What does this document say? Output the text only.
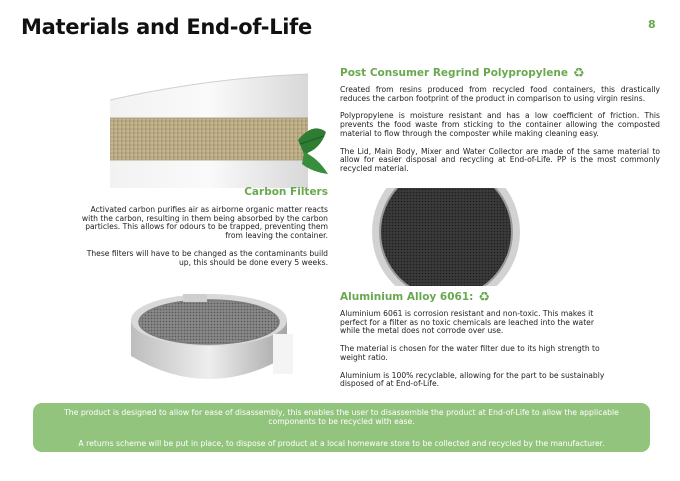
Materials and End-of-Life	8
Carbon Filters

Activated carbon purifies air as airborne organic matter reacts with the carbon, resulting in them being absorbed by the carbon particles. This allows for odours to be trapped, preventing them from leaving the container.

These filters will have to be changed as the contaminants build up, this should be done every 5 weeks.

Post Consumer Regrind Polypropylene ♻

Created from resins produced from recycled food containers, this drastically reduces the carbon footprint of the product in comparison to using virgin resins.

Polypropylene is moisture resistant and has a low coefficient of friction. This prevents the food waste from sticking to the container allowing the composted material to flow through the composter while making cleaning easy.

The Lid, Main Body, Mixer and Water Collector are made of the same material to allow for easier disposal and recycling at End-of-Life. PP is the most commonly recycled material.

Aluminium Alloy 6061: ♻

Aluminium 6061 is corrosion resistant and non-toxic. This makes it perfect for a filter as no toxic chemicals are leached into the water while the metal does not corrode over use.

The material is chosen for the water filter due to its high strength to weight ratio.

Aluminium is 100% recyclable, allowing for the part to be sustainably disposed of at End-of-Life.

The product is designed to allow for ease of disassembly, this enables the user to disassemble the product at End-of-Life to allow the applicable components to be recycled with ease.

A returns scheme will be put in place, to dispose of product at a local homeware store to be collected and recycled by the manufacturer.
